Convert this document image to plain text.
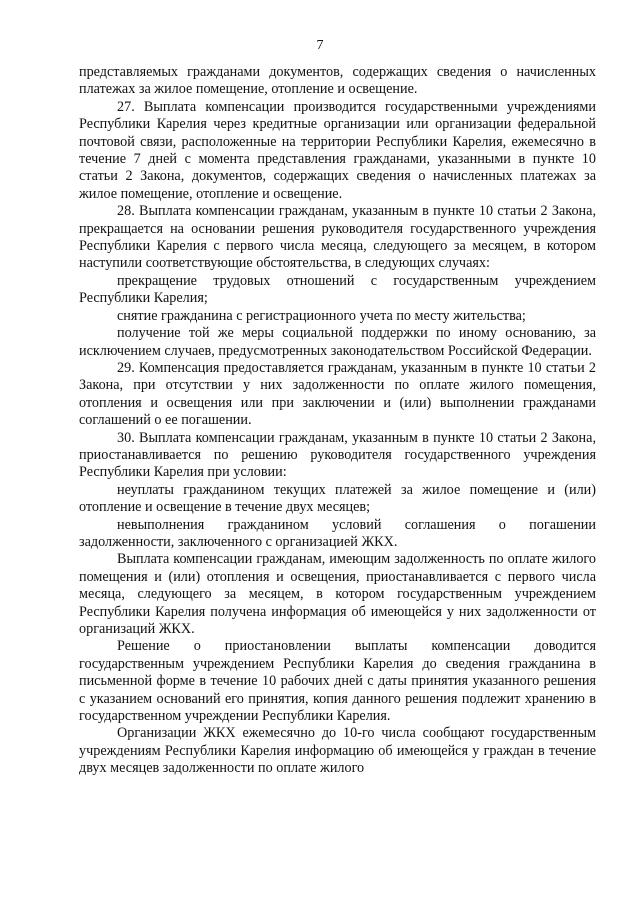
7

представляемых гражданами документов, содержащих сведения о начисленных платежах за жилое помещение, отопление и освещение.

27. Выплата компенсации производится государственными учреждениями Республики Карелия через кредитные организации или организации федеральной почтовой связи, расположенные на территории Республики Карелия, ежемесячно в течение 7 дней с момента представления гражданами, указанными в пункте 10 статьи 2 Закона, документов, содержащих сведения о начисленных платежах за жилое помещение, отопление и освещение.

28. Выплата компенсации гражданам, указанным в пункте 10 статьи 2 Закона, прекращается на основании решения руководителя государственного учреждения Республики Карелия с первого числа месяца, следующего за месяцем, в котором наступили соответствующие обстоятельства, в следующих случаях:

прекращение трудовых отношений с государственным учреждением Республики Карелия;

снятие гражданина с регистрационного учета по месту жительства;

получение той же меры социальной поддержки по иному основанию, за исключением случаев, предусмотренных законодательством Российской Федерации.

29. Компенсация предоставляется гражданам, указанным в пункте 10 статьи 2 Закона, при отсутствии у них задолженности по оплате жилого помещения, отопления и освещения или при заключении и (или) выполнении гражданами соглашений о ее погашении.

30. Выплата компенсации гражданам, указанным в пункте 10 статьи 2 Закона, приостанавливается по решению руководителя государственного учреждения Республики Карелия при условии:

неуплаты гражданином текущих платежей за жилое помещение и (или) отопление и освещение в течение двух месяцев;

невыполнения гражданином условий соглашения о погашении задолженности, заключенного с организацией ЖКХ.

Выплата компенсации гражданам, имеющим задолженность по оплате жилого помещения и (или) отопления и освещения, приостанавливается с первого числа месяца, следующего за месяцем, в котором государственным учреждением Республики Карелия получена информация об имеющейся у них задолженности от организаций ЖКХ.

Решение о приостановлении выплаты компенсации доводится государственным учреждением Республики Карелия до сведения гражданина в письменной форме в течение 10 рабочих дней с даты принятия указанного решения с указанием оснований его принятия, копия данного решения подлежит хранению в государственном учреждении Республики Карелия.

Организации ЖКХ ежемесячно до 10-го числа сообщают государственным учреждениям Республики Карелия информацию об имеющейся у граждан в течение двух месяцев задолженности по оплате жилого
